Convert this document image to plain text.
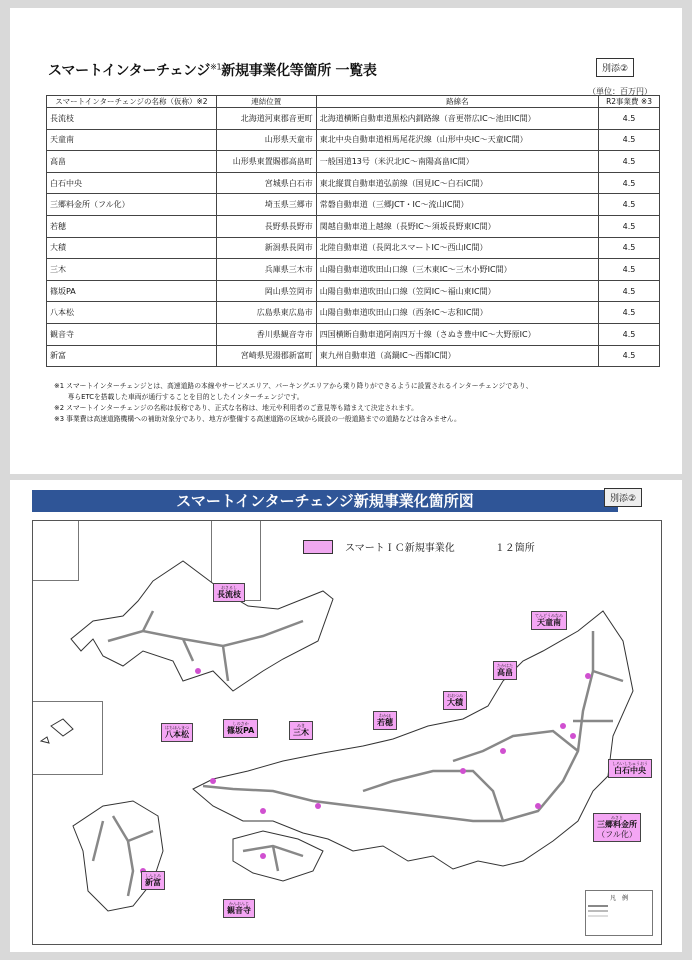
スマートインターチェンジ$^{※1}$新規事業化等箇所 一覧表	別添②
（単位：百万円）
スマートインターチェンジの名称（仮称）※2	連結位置	路線名	R2事業費 ※3
長流枝	北海道河東郡音更町	北海道横断自動車道黒松内釧路線（音更帯広IC～池田IC間）	4.5
天童南	山形県天童市	東北中央自動車道相馬尾花沢線（山形中央IC～天童IC間）	4.5
高畠	山形県東置賜郡高畠町	一般国道13号（米沢北IC～南陽高畠IC間）	4.5
白石中央	宮城県白石市	東北縦貫自動車道弘前線（国見IC～白石IC間）	4.5
三郷料金所（フル化）	埼玉県三郷市	常磐自動車道（三郷JCT・IC～流山IC間）	4.5
若穂	長野県長野市	関越自動車道上越線（長野IC～須坂長野東IC間）	4.5
大積	新潟県長岡市	北陸自動車道（長岡北スマートIC～西山IC間）	4.5
三木	兵庫県三木市	山陽自動車道吹田山口線（三木東IC～三木小野IC間）	4.5
篠坂PA	岡山県笠岡市	山陽自動車道吹田山口線（笠岡IC～福山東IC間）	4.5
八本松	広島県東広島市	山陽自動車道吹田山口線（西条IC～志和IC間）	4.5
観音寺	香川県観音寺市	四国横断自動車道阿南四万十線（さぬき豊中IC～大野原IC）	4.5
新富	宮崎県児湯郡新富町	東九州自動車道（高鍋IC～西都IC間）	4.5
※1 スマートインターチェンジとは、高速道路の本線やサービスエリア、パーキングエリアから乗り降りができるように設置されるインターチェンジであり、
　　専らETCを搭載した車両が通行することを目的としたインターチェンジです。
※2 スマートインターチェンジの名称は仮称であり、正式な名称は、地元や利用者のご意見等も踏まえて決定されます。
※3 事業費は高速道路機構への補助対象分であり、地方が整備する高速道路の区域から既設の一般道路までの道路などは含みません。
スマートインターチェンジ新規事業化箇所図	別添②
スマートＩＣ新規事業化	１２箇所
おさるし
長流枝
てんどうみなみ
天童南
たかはた
高畠
おおつみ
大積
わかほ
若穂
みき
三木
しのさか
篠坂PA
はちほんまつ
八本松
しろいしちゅうおう
白石中央
みさと
三郷料金所
（フル化）
しんとみ
新富
かんおんじ
観音寺
凡　例
